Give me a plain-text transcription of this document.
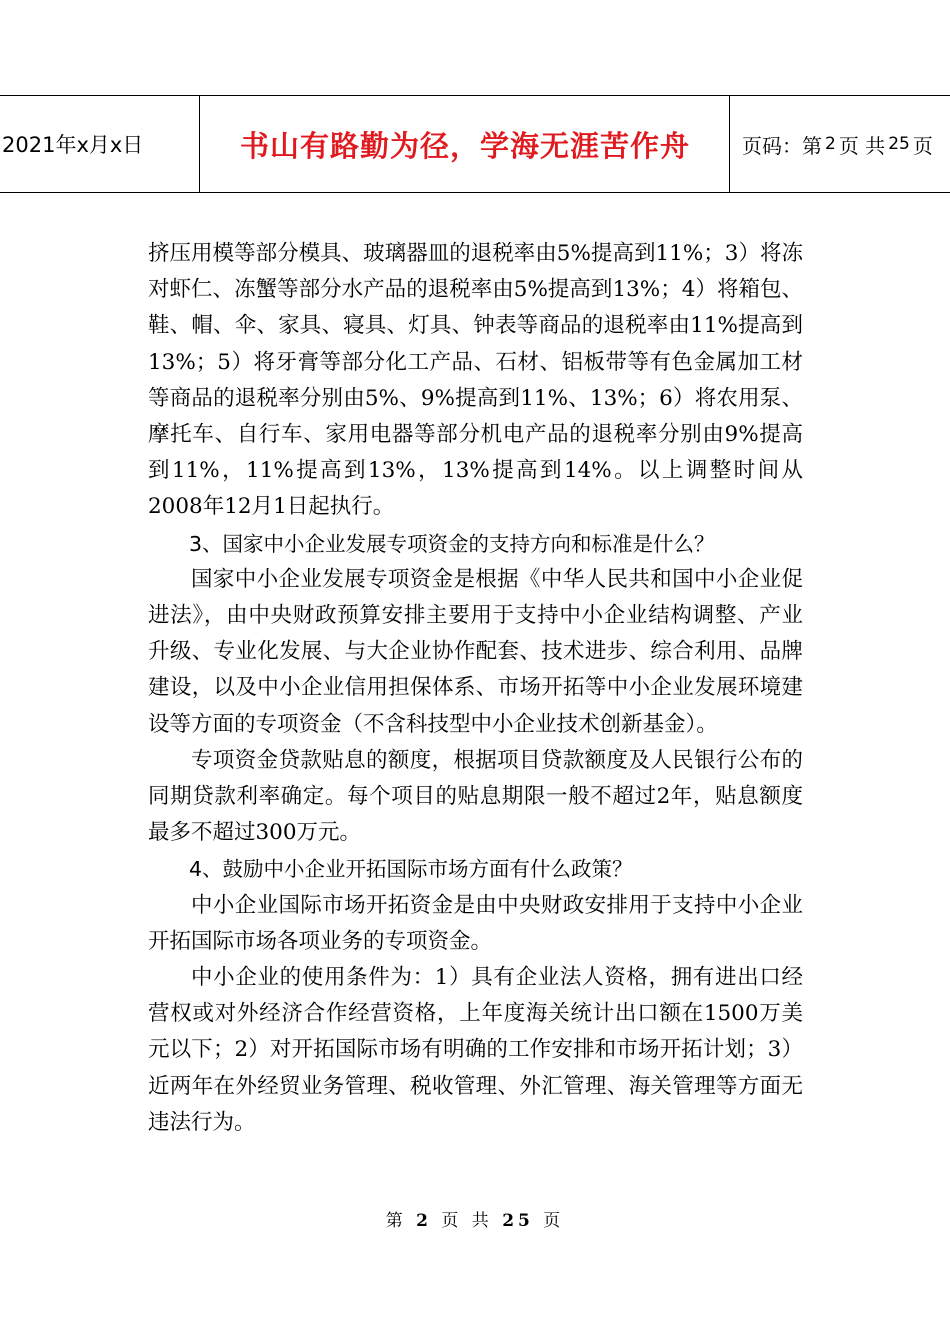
2021年x月x日	书山有路勤为径，学海无涯苦作舟	页码：第 2 页 共 25 页

挤压用模等部分模具、玻璃器皿的退税率由5%提高到11%；3）将冻对虾仁、冻蟹等部分水产品的退税率由5%提高到13%；4）将箱包、鞋、帽、伞、家具、寝具、灯具、钟表等商品的退税率由11%提高到13%；5）将牙膏等部分化工产品、石材、铝板带等有色金属加工材等商品的退税率分别由5%、9%提高到11%、13%；6）将农用泵、摩托车、自行车、家用电器等部分机电产品的退税率分别由9%提高到11%，11%提高到13%，13%提高到14%。以上调整时间从2008年12月1日起执行。

3、国家中小企业发展专项资金的支持方向和标准是什么？

国家中小企业发展专项资金是根据《中华人民共和国中小企业促进法》，由中央财政预算安排主要用于支持中小企业结构调整、产业升级、专业化发展、与大企业协作配套、技术进步、综合利用、品牌建设，以及中小企业信用担保体系、市场开拓等中小企业发展环境建设等方面的专项资金（不含科技型中小企业技术创新基金）。

专项资金贷款贴息的额度，根据项目贷款额度及人民银行公布的同期贷款利率确定。每个项目的贴息期限一般不超过2年，贴息额度最多不超过300万元。

4、鼓励中小企业开拓国际市场方面有什么政策？

中小企业国际市场开拓资金是由中央财政安排用于支持中小企业开拓国际市场各项业务的专项资金。

中小企业的使用条件为：1）具有企业法人资格，拥有进出口经营权或对外经济合作经营资格，上年度海关统计出口额在1500万美元以下；2）对开拓国际市场有明确的工作安排和市场开拓计划；3）近两年在外经贸业务管理、税收管理、外汇管理、海关管理等方面无违法行为。

第 2 页 共 25 页
